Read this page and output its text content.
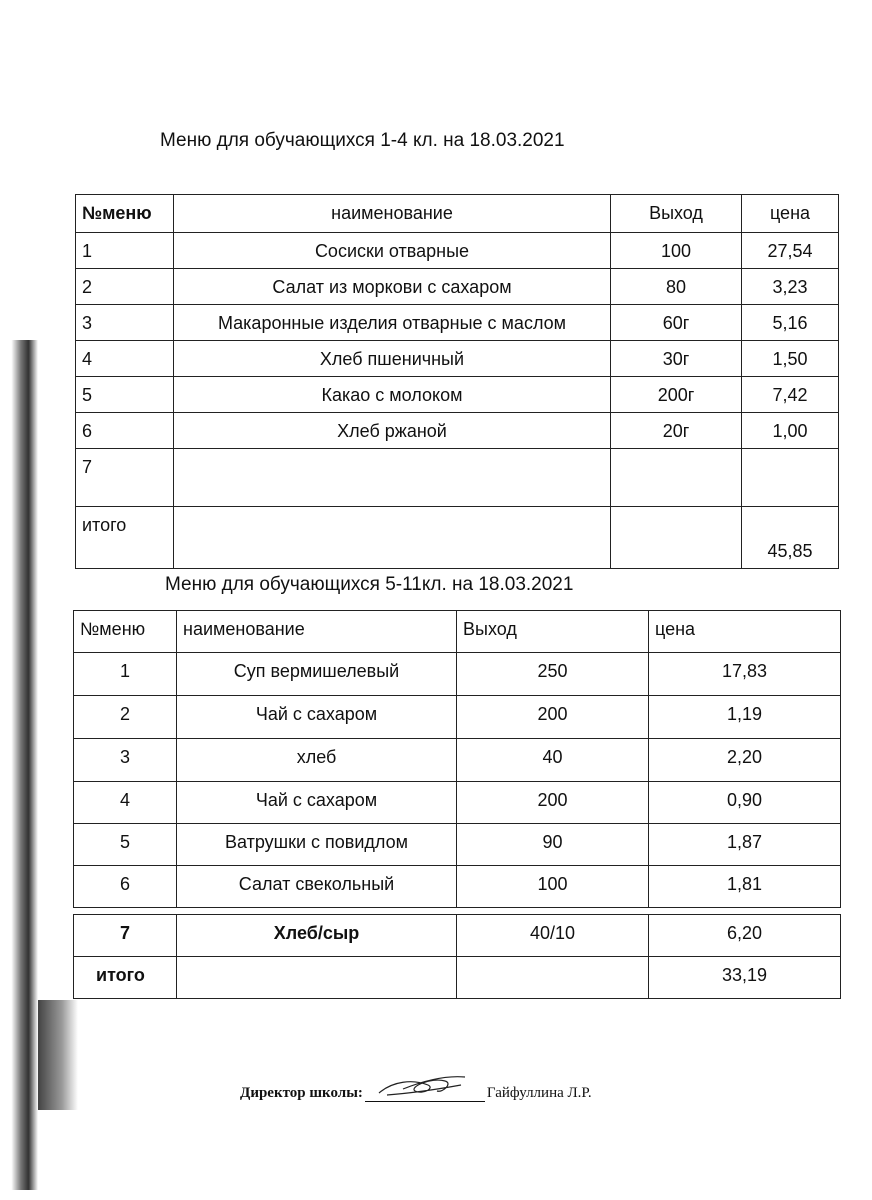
Меню для обучающихся 1-4 кл. на 18.03.2021
№меню	наименование	Выход	цена
1	Сосиски отварные	100	27,54
2	Салат из моркови с сахаром	80	3,23
3	Макаронные изделия отварные с маслом	60г	5,16
4	Хлеб пшеничный	30г	1,50
5	Какао с молоком	200г	7,42
6	Хлеб ржаной	20г	1,00
7			
итого			45,85
Меню для обучающихся 5-11кл. на 18.03.2021
№меню	наименование	Выход	цена
1	Суп вермишелевый	250	17,83
2	Чай с сахаром	200	1,19
3	хлеб	40	2,20
4	Чай с сахаром	200	0,90
5	Ватрушки с повидлом	90	1,87
6	Салат свекольный	100	1,81

7	Хлеб/сыр	40/10	6,20
итого			33,19
Директор школы:	Гайфуллина Л.Р.
